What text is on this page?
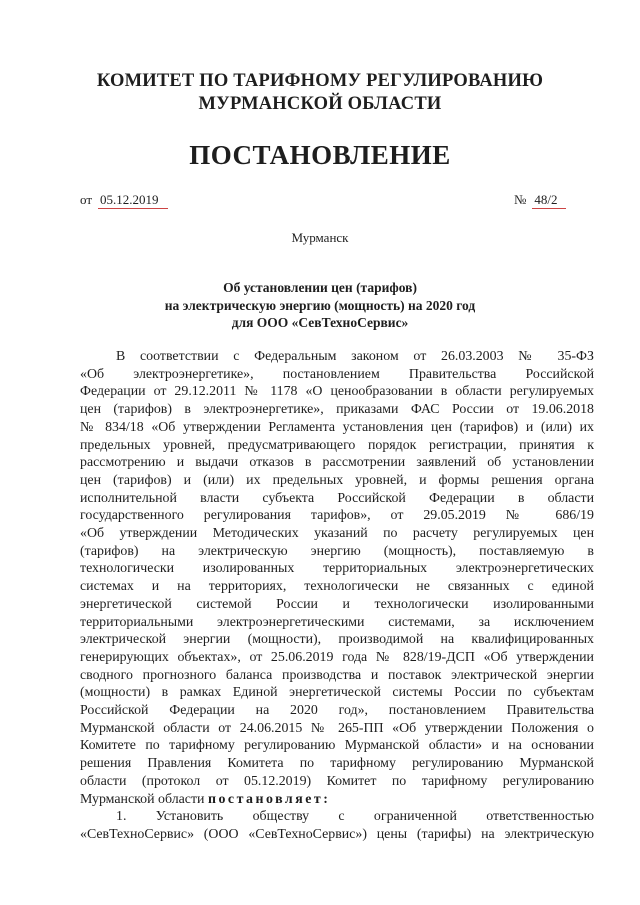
КОМИТЕТ ПО ТАРИФНОМУ РЕГУЛИРОВАНИЮ
МУРМАНСКОЙ ОБЛАСТИ
ПОСТАНОВЛЕНИЕ
от 05.12.2019	№ 48/2
Мурманск
Об установлении цен (тарифов)
на электрическую энергию (мощность) на 2020 год
для ООО «СевТехноСервис»
В соответствии с Федеральным законом от 26.03.2003 № 35-ФЗ
«Об электроэнергетике», постановлением Правительства Российской
Федерации от 29.12.2011 № 1178 «О ценообразовании в области регулируемых
цен (тарифов) в электроэнергетике», приказами ФАС России от 19.06.2018
№ 834/18 «Об утверждении Регламента установления цен (тарифов) и (или) их
предельных уровней, предусматривающего порядок регистрации, принятия к
рассмотрению и выдачи отказов в рассмотрении заявлений об установлении
цен (тарифов) и (или) их предельных уровней, и формы решения органа
исполнительной власти субъекта Российской Федерации в области
государственного регулирования тарифов», от 29.05.2019 № 686/19
«Об утверждении Методических указаний по расчету регулируемых цен
(тарифов) на электрическую энергию (мощность), поставляемую в
технологически изолированных территориальных электроэнергетических
системах и на территориях, технологически не связанных с единой
энергетической системой России и технологически изолированными
территориальными электроэнергетическими системами, за исключением
электрической энергии (мощности), производимой на квалифицированных
генерирующих объектах», от 25.06.2019 года № 828/19-ДСП «Об утверждении
сводного прогнозного баланса производства и поставок электрической энергии
(мощности) в рамках Единой энергетической системы России по субъектам
Российской Федерации на 2020 год», постановлением Правительства
Мурманской области от 24.06.2015 № 265-ПП «Об утверждении Положения о
Комитете по тарифному регулированию Мурманской области» и на основании
решения Правления Комитета по тарифному регулированию Мурманской
области (протокол от 05.12.2019) Комитет по тарифному регулированию
Мурманской области постановляет:
1. Установить обществу с ограниченной ответственностью
«СевТехноСервис» (ООО «СевТехноСервис») цены (тарифы) на электрическую
